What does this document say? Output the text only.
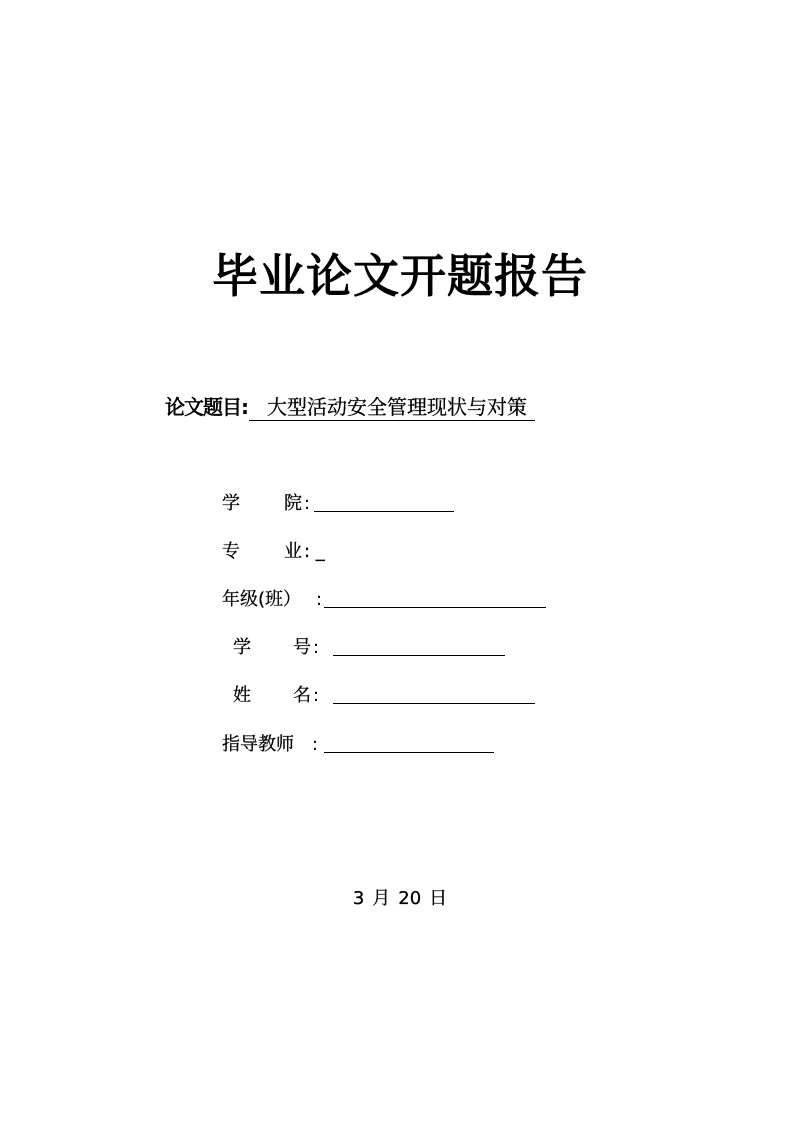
毕业论文开题报告
论文题目: 大型活动安全管理现状与对策
学 院 :
专 业 : _
年级(班） :
学 号 :
姓 名 :
指导教师 :
3 月 20 日
